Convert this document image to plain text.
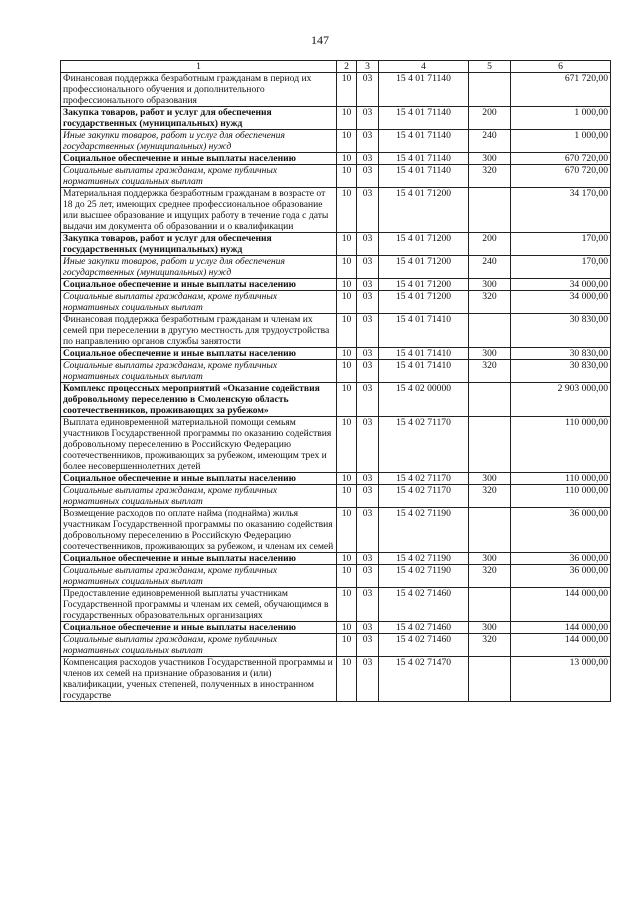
147
1	2	3	4	5	6
Финансовая поддержка безработным гражданам в период их профессионального обучения и дополнительного профессионального образования	10	03	15 4 01 71140		671 720,00
Закупка товаров, работ и услуг для обеспечения государственных (муниципальных) нужд	10	03	15 4 01 71140	200	1 000,00
Иные закупки товаров, работ и услуг для обеспечения государственных (муниципальных) нужд	10	03	15 4 01 71140	240	1 000,00
Социальное обеспечение и иные выплаты населению	10	03	15 4 01 71140	300	670 720,00
Социальные выплаты гражданам, кроме публичных нормативных социальных выплат	10	03	15 4 01 71140	320	670 720,00
Материальная поддержка безработным гражданам в возрасте от 18 до 25 лет, имеющих среднее профессиональное образование или высшее образование и ищущих работу в течение года с даты выдачи им документа об образовании и о квалификации	10	03	15 4 01 71200		34 170,00
Закупка товаров, работ и услуг для обеспечения государственных (муниципальных) нужд	10	03	15 4 01 71200	200	170,00
Иные закупки товаров, работ и услуг для обеспечения государственных (муниципальных) нужд	10	03	15 4 01 71200	240	170,00
Социальное обеспечение и иные выплаты населению	10	03	15 4 01 71200	300	34 000,00
Социальные выплаты гражданам, кроме публичных нормативных социальных выплат	10	03	15 4 01 71200	320	34 000,00
Финансовая поддержка безработным гражданам и членам их семей при переселении в другую местность для трудоустройства по направлению органов службы занятости	10	03	15 4 01 71410		30 830,00
Социальное обеспечение и иные выплаты населению	10	03	15 4 01 71410	300	30 830,00
Социальные выплаты гражданам, кроме публичных нормативных социальных выплат	10	03	15 4 01 71410	320	30 830,00
Комплекс процессных мероприятий «Оказание содействия добровольному переселению в Смоленскую область соотечественников, проживающих за рубежом»	10	03	15 4 02 00000		2 903 000,00
Выплата единовременной материальной помощи семьям участников Государственной программы по оказанию содействия добровольному переселению в Российскую Федерацию соотечественников, проживающих за рубежом, имеющим трех и более несовершеннолетних детей	10	03	15 4 02 71170		110 000,00
Социальное обеспечение и иные выплаты населению	10	03	15 4 02 71170	300	110 000,00
Социальные выплаты гражданам, кроме публичных нормативных социальных выплат	10	03	15 4 02 71170	320	110 000,00
Возмещение расходов по оплате найма (поднайма) жилья участникам Государственной программы по оказанию содействия добровольному переселению в Российскую Федерацию соотечественников, проживающих за рубежом, и членам их семей	10	03	15 4 02 71190		36 000,00
Социальное обеспечение и иные выплаты населению	10	03	15 4 02 71190	300	36 000,00
Социальные выплаты гражданам, кроме публичных нормативных социальных выплат	10	03	15 4 02 71190	320	36 000,00
Предоставление единовременной выплаты участникам Государственной программы и членам их семей, обучающимся в государственных образовательных организациях	10	03	15 4 02 71460		144 000,00
Социальное обеспечение и иные выплаты населению	10	03	15 4 02 71460	300	144 000,00
Социальные выплаты гражданам, кроме публичных нормативных социальных выплат	10	03	15 4 02 71460	320	144 000,00
Компенсация расходов участников Государственной программы и членов их семей на признание образования и (или) квалификации, ученых степеней, полученных в иностранном государстве	10	03	15 4 02 71470		13 000,00
